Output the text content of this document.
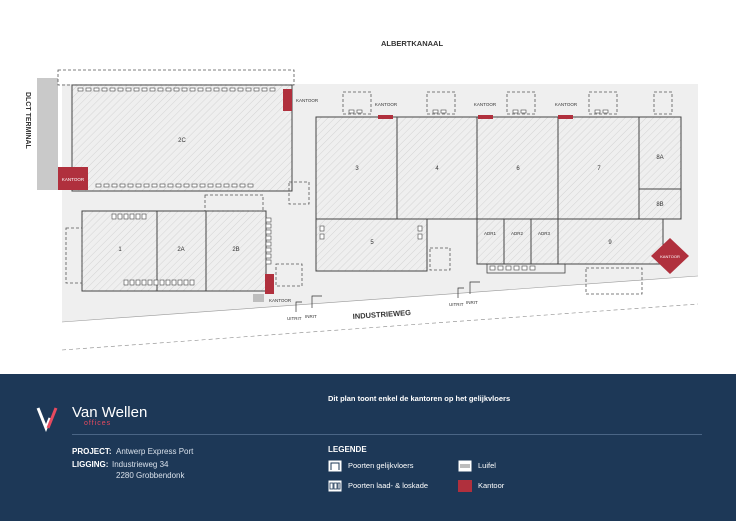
2C
KANTOOR
KANTOOR
1	2A	2B
KANTOOR
UITRIT INRIT
ALBERTKANAAL
DLCT TERMINAL
3	4	6	7
8A
8B
KANTOOR	KANTOOR	KANTOOR
5
ADR1	ADR2	ADR3
9
KANTOOR
UITRIT INRIT
INDUSTRIEWEG
Van Wellen
offices
Dit plan toont enkel de kantoren op het gelijkvloers
PROJECT: Antwerp Express Port
LIGGING: Industrieweg 34
2280 Grobbendonk
LEGENDE
Poorten gelijkvloers
Poorten laad- & loskade
Luifel
Kantoor
